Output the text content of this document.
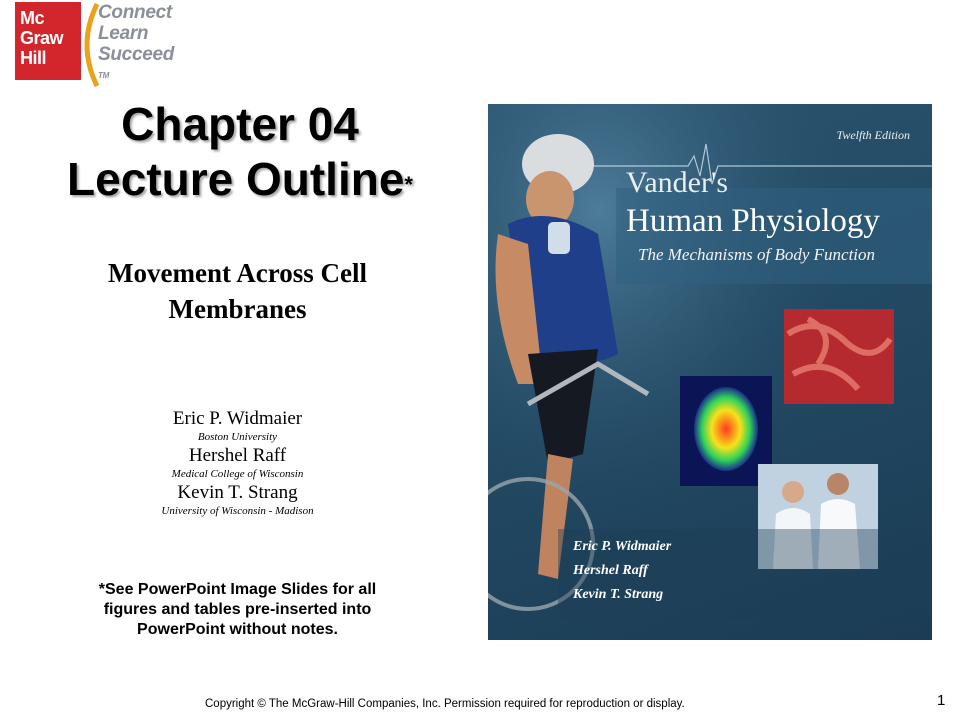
Mc
Graw
Hill
Connect
Learn
Succeed
TM
Chapter 04
Lecture Outline*
Movement Across Cell
Membranes
Eric P. Widmaier
Boston University
Hershel Raff
Medical College of Wisconsin
Kevin T. Strang
University of Wisconsin - Madison
*See PowerPoint Image Slides for all
figures and tables pre-inserted into
PowerPoint without notes.
Twelfth Edition
Vander's
Human Physiology
The Mechanisms of Body Function
Eric P. Widmaier
Hershel Raff
Kevin T. Strang
Copyright © The McGraw-Hill Companies, Inc. Permission required for reproduction or display.	1
